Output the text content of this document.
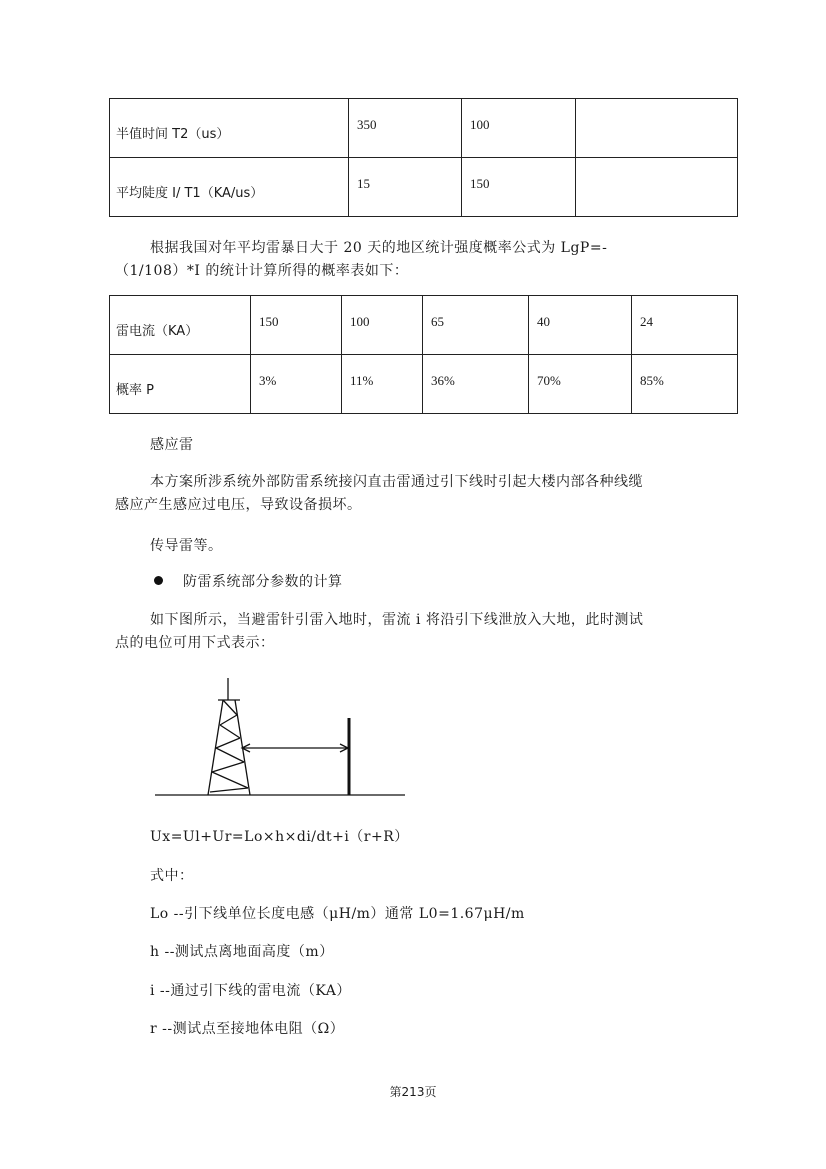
半值时间 T2（us）	350	100	

平均陡度 I/ T1（KA/us）	15	150	

根据我国对年平均雷暴日大于 20 天的地区统计强度概率公式为 LgP=-
（1/108）*I 的统计计算所得的概率表如下：
雷电流（KA）	150	100	65	40	24

概率 P	3%	11%	36%	70%	85%
感应雷
本方案所涉系统外部防雷系统接闪直击雷通过引下线时引起大楼内部各种线缆
感应产生感应过电压，导致设备损坏。
传导雷等。
防雷系统部分参数的计算
如下图所示，当避雷针引雷入地时，雷流 i 将沿引下线泄放入大地，此时测试
点的电位可用下式表示：
Ux=Ul+Ur=Lo×h×di/dt+i（r+R）
式中：
Lo --引下线单位长度电感（μH/m）通常 L0=1.67μH/m
h --测试点离地面高度（m）
i --通过引下线的雷电流（KA）
r --测试点至接地体电阻（Ω）
第213页
